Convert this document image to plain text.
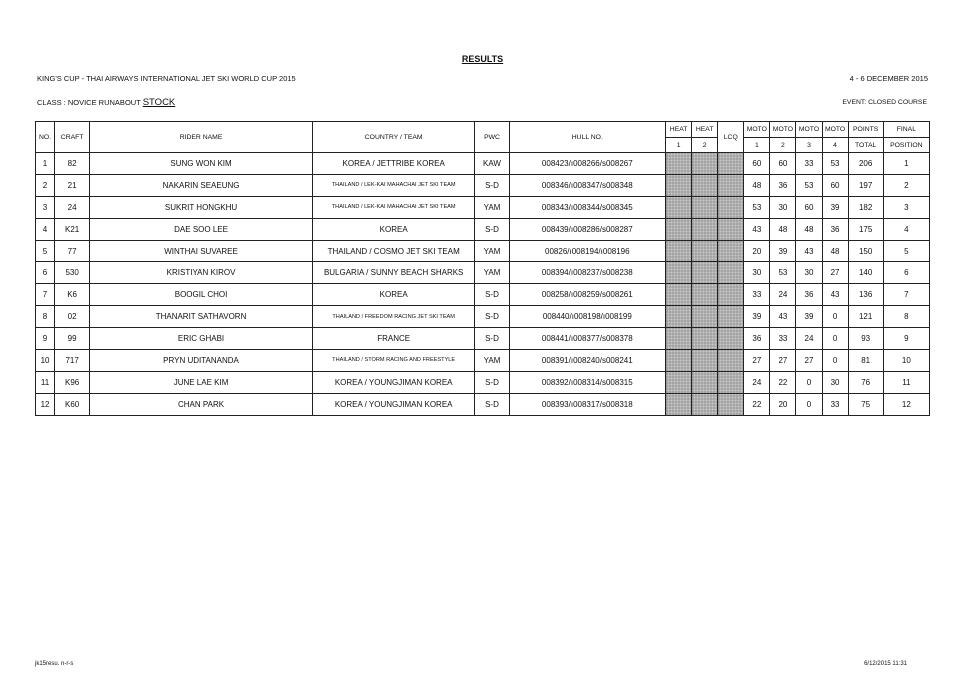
RESULTS
KING'S CUP - THAI AIRWAYS INTERNATIONAL JET SKI WORLD CUP 2015	4 - 6 DECEMBER 2015
CLASS : NOVICE RUNABOUT STOCK	EVENT: CLOSED COURSE
NO.	CRAFT	RIDER NAME	COUNTRY / TEAM	PWC	HULL NO.	HEAT	HEAT	LCQ	MOTO	MOTO	MOTO	MOTO	POINTS	FINAL
						1	2		1	2	3	4	TOTAL	POSITION
1	82	SUNG WON KIM	KOREA / JETTRIBE KOREA	KAW	008423/ı008266/s008267				60	60	33	53	206	1
2	21	NAKARIN SEAEUNG	THAILAND / LEK-KAI MAHACHAI JET SKI TEAM	S-D	008346/ı008347/s008348				48	36	53	60	197	2
3	24	SUKRIT HONGKHU	THAILAND / LEK-KAI MAHACHAI JET SKI TEAM	YAM	008343/ı008344/s008345				53	30	60	39	182	3
4	K21	DAE SOO LEE	KOREA	S-D	008439/ı008286/s008287				43	48	48	36	175	4
5	77	WINTHAI SUVAREE	THAILAND / COSMO JET SKI TEAM	YAM	00826/ı008194/ı008196				20	39	43	48	150	5
6	530	KRISTIYAN KIROV	BULGARIA / SUNNY BEACH SHARKS	YAM	008394/ı008237/s008238				30	53	30	27	140	6
7	K6	BOOGIL CHOI	KOREA	S-D	008258/ı008259/s008261				33	24	36	43	136	7
8	02	THANARIT SATHAVORN	THAILAND / FREEDOM RACING JET SKI TEAM	S-D	008440/ı008198/ı008199				39	43	39	0	121	8
9	99	ERIC GHABI	FRANCE	S-D	008441/ı008377/s008378				36	33	24	0	93	9
10	717	PRYN UDITANANDA	THAILAND / STORM RACING AND FREESTYLE	YAM	008391/ı008240/s008241				27	27	27	0	81	10
11	K96	JUNE LAE KIM	KOREA / YOUNGJIMAN KOREA	S-D	008392/ı008314/s008315				24	22	0	30	76	11
12	K60	CHAN PARK	KOREA / YOUNGJIMAN KOREA	S-D	008393/ı008317/s008318				22	20	0	33	75	12
jk15resu. n-r-s	6/12/2015 11:31
